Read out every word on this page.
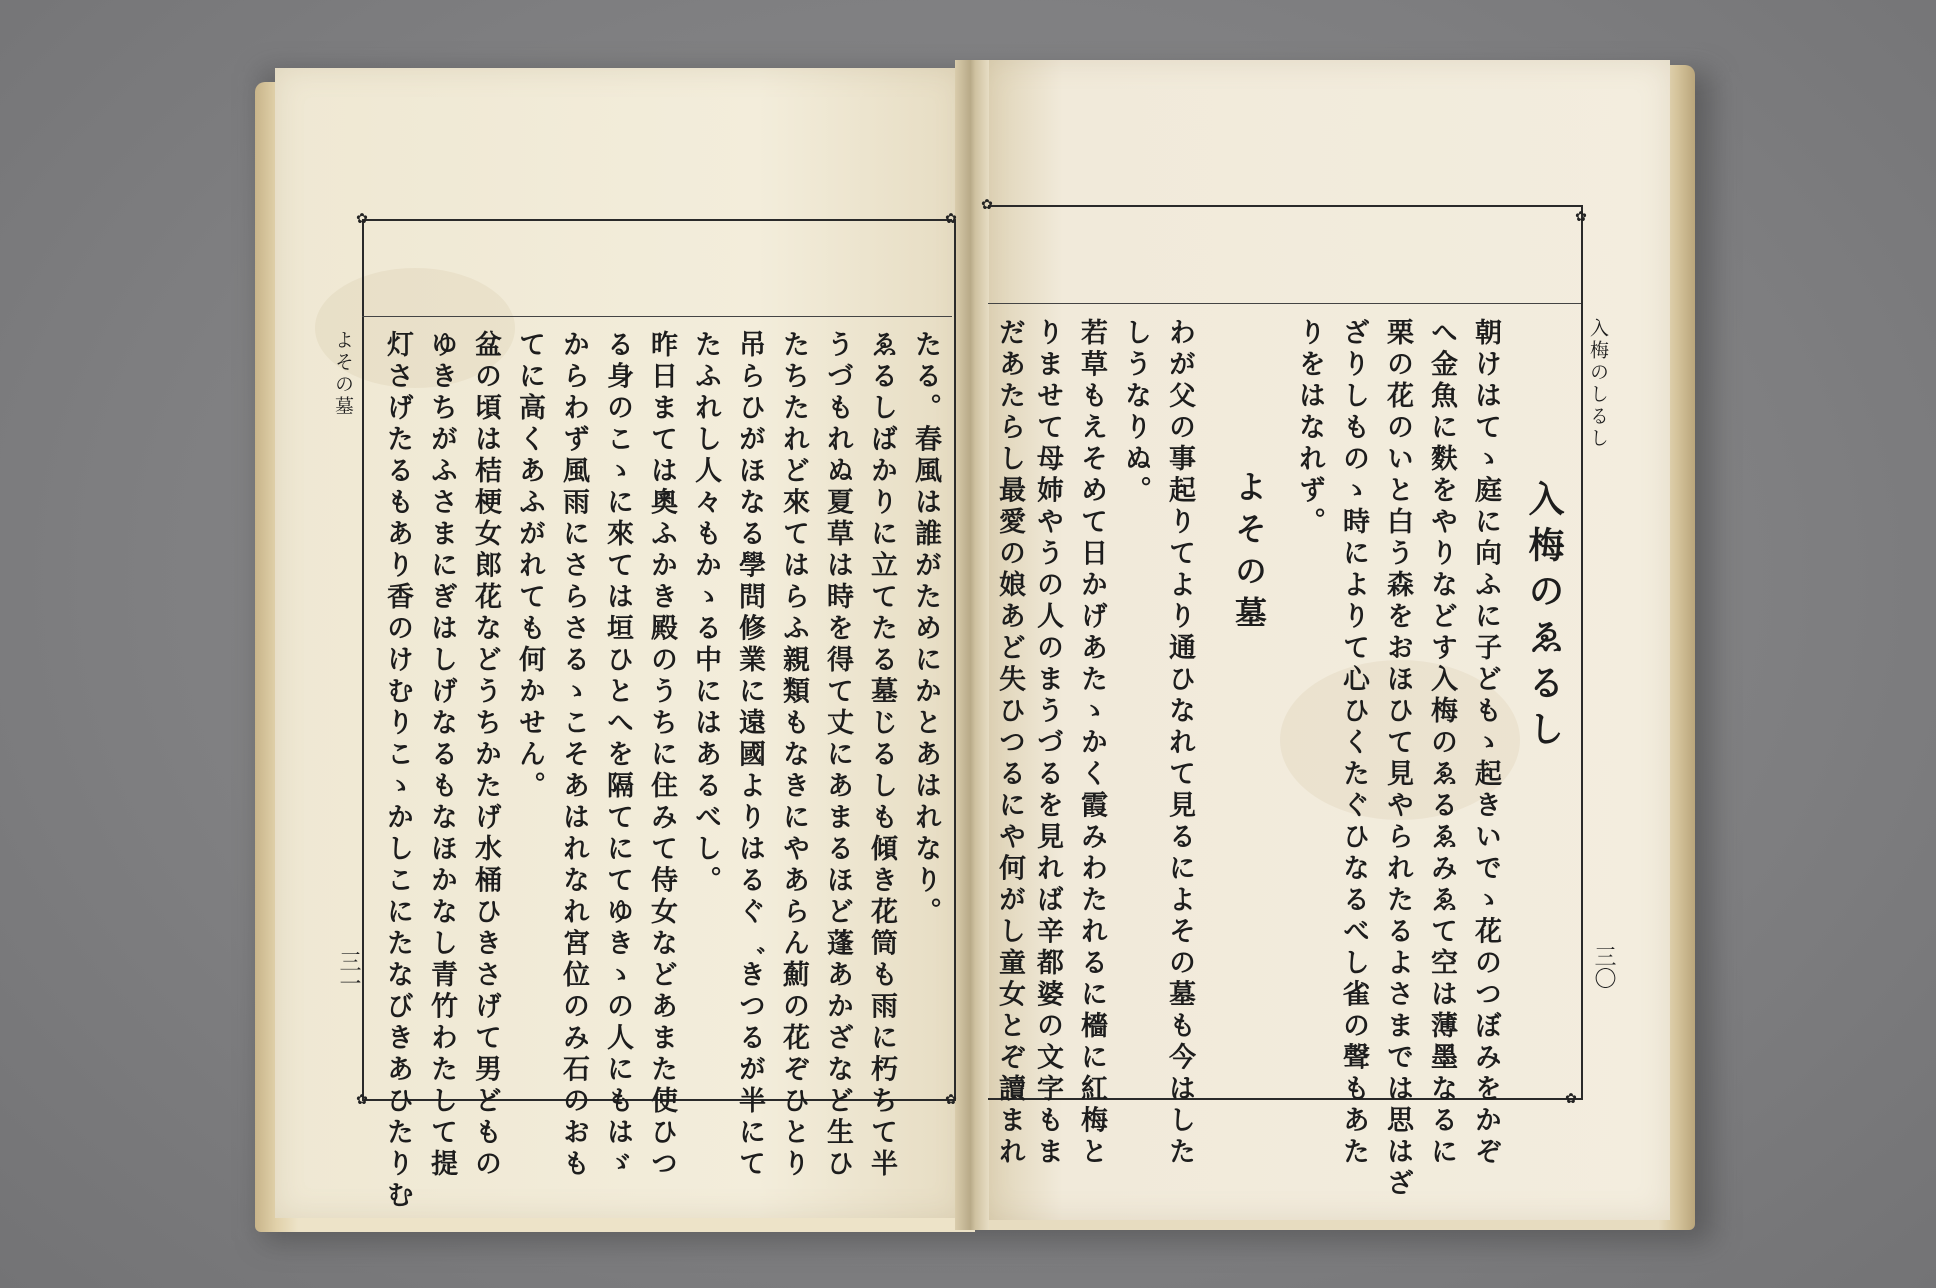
✿	✿
✿	✿
✿
✿
✿
よその墓
三一
入梅のしるし
三〇
たる。春風は誰がためにかとあはれなり。
ゑるしばかりに立てたる墓じるしも傾き花筒も雨に朽ちて半
うづもれぬ夏草は時を得て丈にあまるほど蓬あかざなど生ひ
たちたれど來てはらふ親類もなきにやあらん薊の花ぞひとり
吊らひがほなる學問修業に遠國よりはるぐ゛きつるが半にて
たふれし人々もかゝる中にはあるべし。
昨日まては奧ふかき殿のうちに住みて侍女などあまた使ひつ
る身のこゝに來ては垣ひとへを隔てにてゆきゝの人にもはゞ
からわず風雨にさらさるゝこそあはれなれ宮位のみ石のおも
てに高くあふがれても何かせん。
盆の頃は桔梗女郎花などうちかたげ水桶ひきさげて男どもの
ゆきちがふさまにぎはしげなるもなほかなし青竹わたして提
灯さげたるもあり香のけむりこゝかしこにたなびきあひたりむ	入梅のゑるし
朝けはてゝ庭に向ふに子どもゝ起きいでゝ花のつぼみをかぞ
へ金魚に麩をやりなどす入梅のゑるゑみゑて空は薄墨なるに
栗の花のいと白う森をおほひて見やられたるよさまでは思はざ
ざりしものゝ時によりて心ひくたぐひなるべし雀の聲もあた
りをはなれず。
よその墓
わが父の事起りてより通ひなれて見るによその墓も今はした
しうなりぬ。
若草もえそめて日かげあたゝかく霞みわたれるに檣に紅梅と
りませて母姉やうの人のまうづるを見れば辛都婆の文字もま
だあたらし最愛の娘あど失ひつるにや何がし童女とぞ讀まれ
